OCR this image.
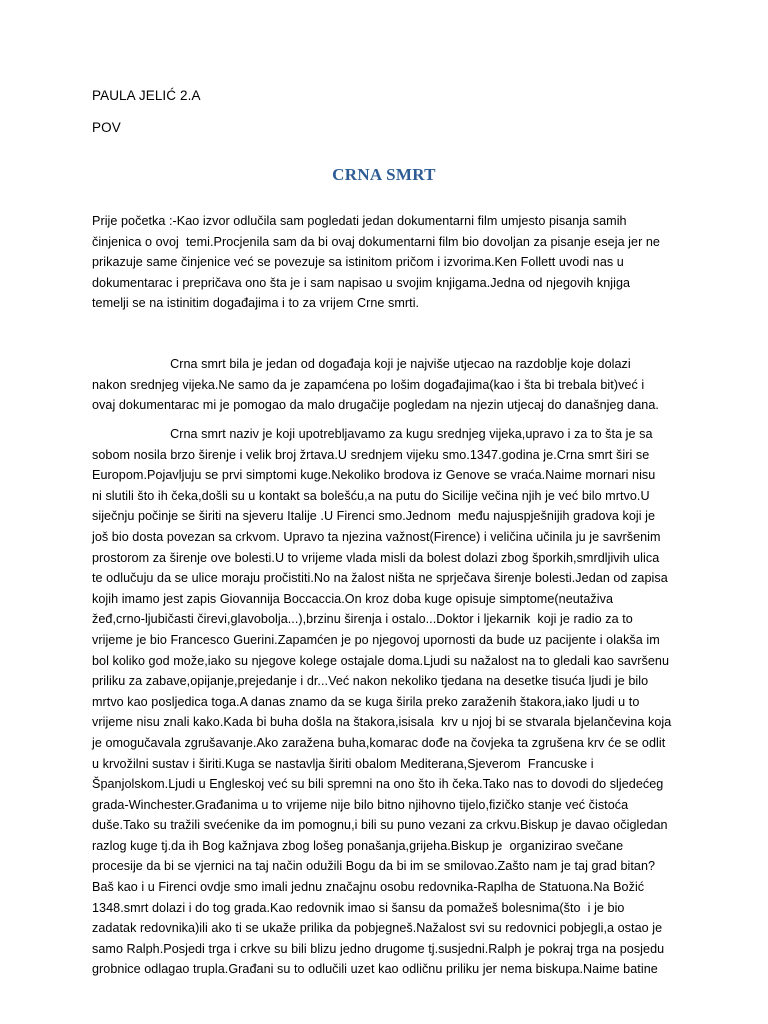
PAULA JELIĆ 2.A
POV
CRNA SMRT
Prije početka :-Kao izvor odlučila sam pogledati jedan dokumentarni film umjesto pisanja samih
činjenica o ovoj  temi.Procjenila sam da bi ovaj dokumentarni film bio dovoljan za pisanje eseja jer ne
prikazuje same činjenice već se povezuje sa istinitom pričom i izvorima.Ken Follett uvodi nas u
dokumentarac i prepričava ono šta je i sam napisao u svojim knjigama.Jedna od njegovih knjiga
temelji se na istinitim događajima i to za vrijem Crne smrti.
Crna smrt bila je jedan od događaja koji je najviše utjecao na razdoblje koje dolazi
nakon srednjeg vijeka.Ne samo da je zapamćena po lošim događajima(kao i šta bi trebala bit)već i
ovaj dokumentarac mi je pomogao da malo drugačije pogledam na njezin utjecaj do današnjeg dana.
Crna smrt naziv je koji upotrebljavamo za kugu srednjeg vijeka,upravo i za to šta je sa
sobom nosila brzo širenje i velik broj žrtava.U srednjem vijeku smo.1347.godina je.Crna smrt širi se
Europom.Pojavljuju se prvi simptomi kuge.Nekoliko brodova iz Genove se vraća.Naime mornari nisu
ni slutili što ih čeka,došli su u kontakt sa bolešću,a na putu do Sicilije večina njih je već bilo mrtvo.U
siječnju počinje se širiti na sjeveru Italije .U Firenci smo.Jednom  među najuspješnijih gradova koji je
još bio dosta povezan sa crkvom. Upravo ta njezina važnost(Firence) i veličina učinila ju je savršenim
prostorom za širenje ove bolesti.U to vrijeme vlada misli da bolest dolazi zbog šporkih,smrdljivih ulica
te odlučuju da se ulice moraju pročistiti.No na žalost ništa ne sprječava širenje bolesti.Jedan od zapisa
kojih imamo jest zapis Giovannija Boccaccia.On kroz doba kuge opisuje simptome(neutaživa
žeđ,crno-ljubičasti čirevi,glavobolja...),brzinu širenja i ostalo...Doktor i ljekarnik  koji je radio za to
vrijeme je bio Francesco Guerini.Zapamćen je po njegovoj upornosti da bude uz pacijente i olakša im
bol koliko god može,iako su njegove kolege ostajale doma.Ljudi su nažalost na to gledali kao savršenu
priliku za zabave,opijanje,prejedanje i dr...Već nakon nekoliko tjedana na desetke tisuća ljudi je bilo
mrtvo kao posljedica toga.A danas znamo da se kuga širila preko zaraženih štakora,iako ljudi u to
vrijeme nisu znali kako.Kada bi buha došla na štakora,isisala  krv u njoj bi se stvarala bjelančevina koja
je omogučavala zgrušavanje.Ako zaražena buha,komarac dođe na čovjeka ta zgrušena krv će se odlit
u krvožilni sustav i širiti.Kuga se nastavlja širiti obalom Mediterana,Sjeverom  Francuske i
Španjolskom.Ljudi u Engleskoj već su bili spremni na ono što ih čeka.Tako nas to dovodi do sljedećeg
grada-Winchester.Građanima u to vrijeme nije bilo bitno njihovno tijelo,fizičko stanje već čistoća
duše.Tako su tražili svećenike da im pomognu,i bili su puno vezani za crkvu.Biskup je davao očigledan
razlog kuge tj.da ih Bog kažnjava zbog lošeg ponašanja,grijeha.Biskup je  organizirao svečane
procesije da bi se vjernici na taj način odužili Bogu da bi im se smilovao.Zašto nam je taj grad bitan?
Baš kao i u Firenci ovdje smo imali jednu značajnu osobu redovnika-Raplha de Statuona.Na Božić
1348.smrt dolazi i do tog grada.Kao redovnik imao si šansu da pomažeš bolesnima(što  i je bio
zadatak redovnika)ili ako ti se ukaže prilika da pobjegneš.Nažalost svi su redovnici pobjegli,a ostao je
samo Ralph.Posjedi trga i crkve su bili blizu jedno drugome tj.susjedni.Ralph je pokraj trga na posjedu
grobnice odlagao trupla.Građani su to odlučili uzet kao odličnu priliku jer nema biskupa.Naime batine
